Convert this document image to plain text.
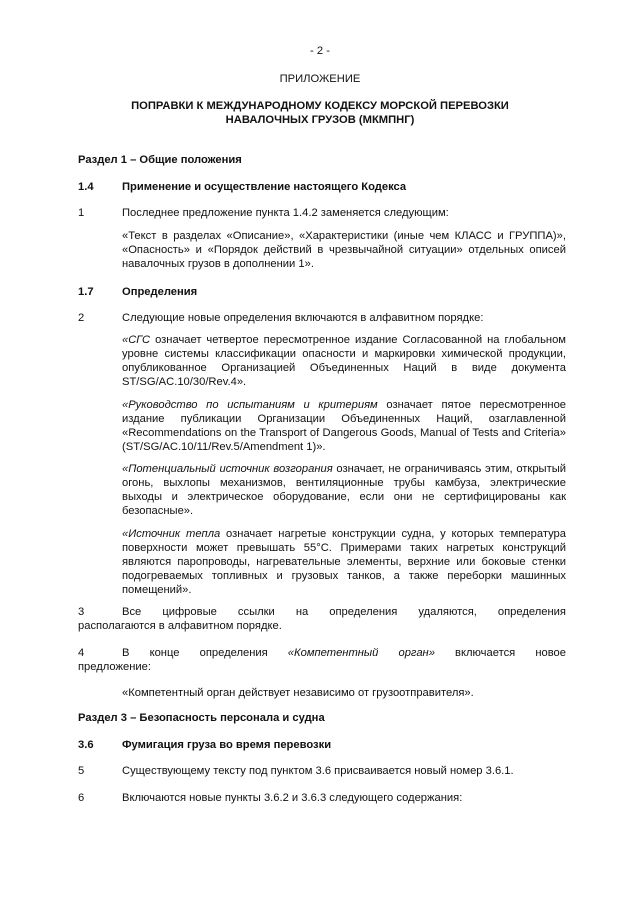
- 2 -
ПРИЛОЖЕНИЕ
ПОПРАВКИ К МЕЖДУНАРОДНОМУ КОДЕКСУ МОРСКОЙ ПЕРЕВОЗКИ
НАВАЛОЧНЫХ ГРУЗОВ (МКМПНГ)
Раздел 1 – Общие положения
1.4	Применение и осуществление настоящего Кодекса
1	Последнее предложение пункта 1.4.2 заменяется следующим:
«Текст в разделах «Описание», «Характеристики (иные чем КЛАСС и ГРУППА)», «Опасность» и «Порядок действий в чрезвычайной ситуации» отдельных описей навалочных грузов в дополнении 1».
1.7	Определения
2	Следующие новые определения включаются в алфавитном порядке:
«СГС означает четвертое пересмотренное издание Согласованной на глобальном уровне системы классификации опасности и маркировки химической продукции, опубликованное Организацией Объединенных Наций в виде документа ST/SG/AC.10/30/Rev.4».
«Руководство по испытаниям и критериям означает пятое пересмотренное издание публикации Организации Объединенных Наций, озаглавленной «Recommendations on the Transport of Dangerous Goods, Manual of Tests and Criteria» (ST/SG/AC.10/11/Rev.5/Amendment 1)».
«Потенциальный источник возгорания означает, не ограничиваясь этим, открытый огонь, выхлопы механизмов, вентиляционные трубы камбуза, электрические выходы и электрическое оборудование, если они не сертифицированы как безопасные».
«Источник тепла означает нагретые конструкции судна, у которых температура поверхности может превышать 55°C. Примерами таких нагретых конструкций являются паропроводы, нагревательные элементы, верхние или боковые стенки подогреваемых топливных и грузовых танков, а также переборки машинных помещений».
3	Все цифровые ссылки на определения удаляются, определения
располагаются в алфавитном порядке.
4	В конце определения «Компетентный орган» включается новое
предложение:
«Компетентный орган действует независимо от грузоотправителя».
Раздел 3 – Безопасность персонала и судна
3.6	Фумигация груза во время перевозки
5	Существующему тексту под пунктом 3.6 присваивается новый номер 3.6.1.
6	Включаются новые пункты 3.6.2 и 3.6.3 следующего содержания:
